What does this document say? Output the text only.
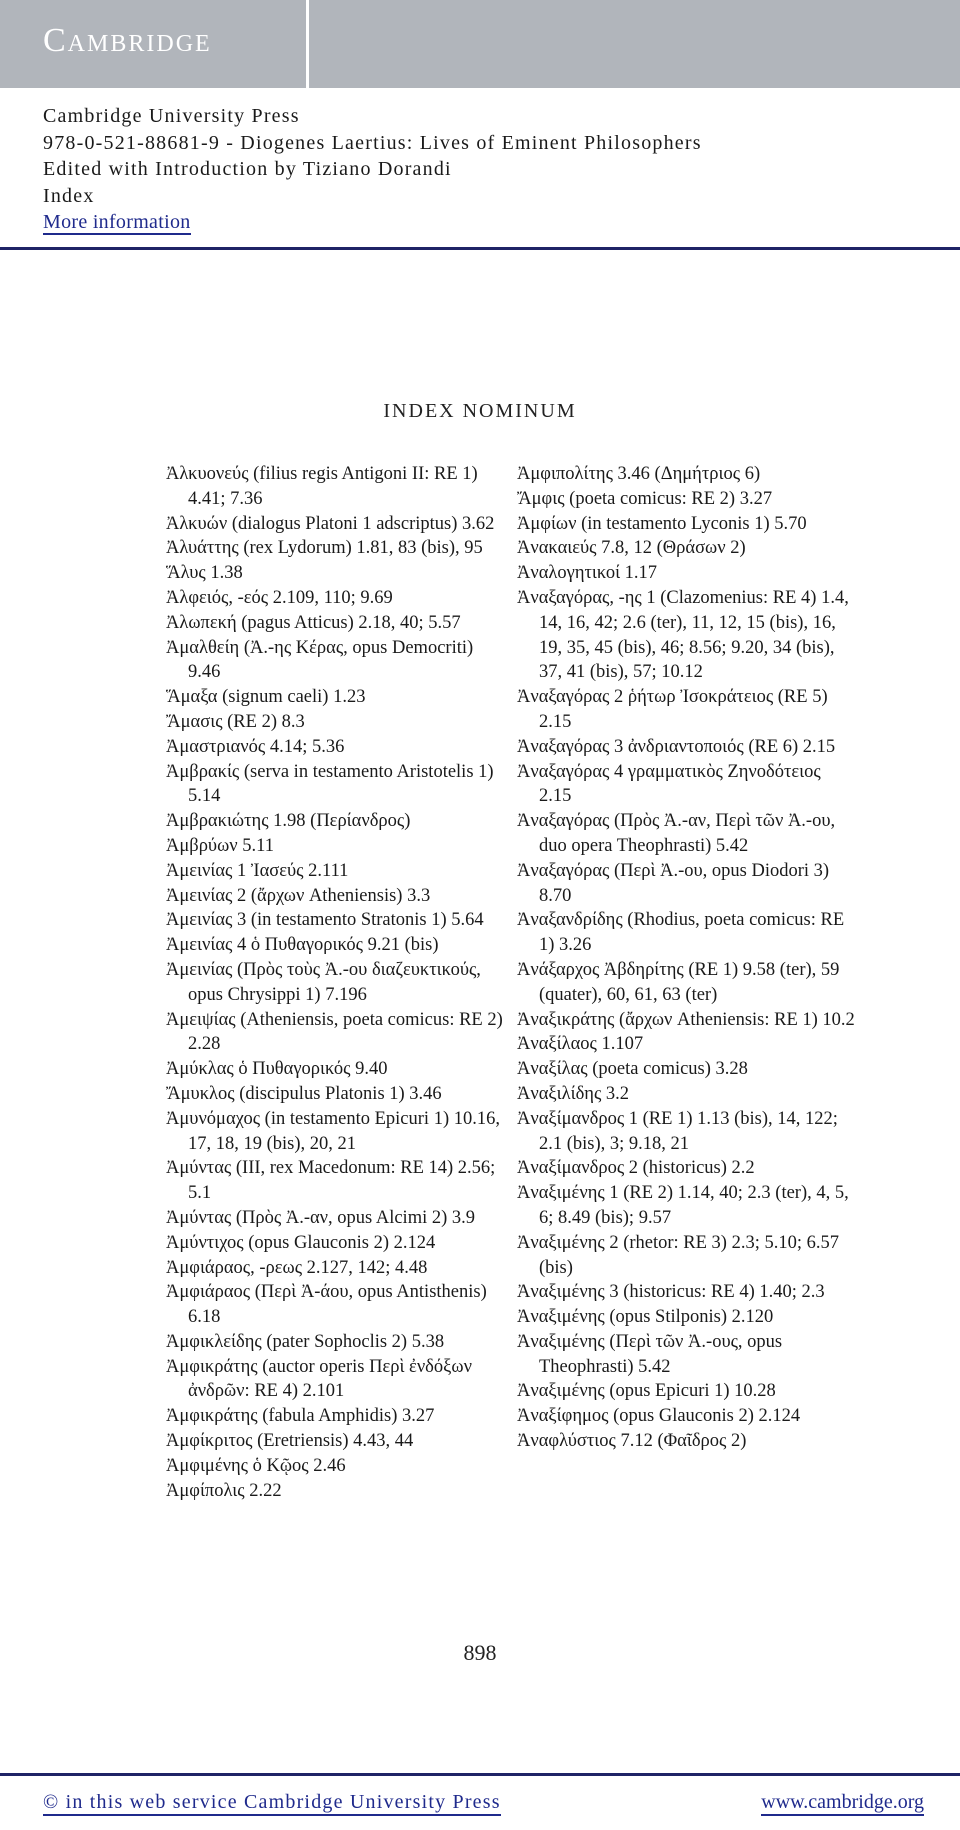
Cambridge
Cambridge University Press
978-0-521-88681-9 - Diogenes Laertius: Lives of Eminent Philosophers
Edited with Introduction by Tiziano Dorandi
Index
More information
INDEX NOMINUM
Ἀλκυονεύς (filius regis Antigoni II: RE 1) 4.41; 7.36
Ἀλκυών (dialogus Platoni 1 adscriptus) 3.62
Ἀλυάττης (rex Lydorum) 1.81, 83 (bis), 95
Ἅλυς 1.38
Ἀλφειός, -εός 2.109, 110; 9.69
Ἀλωπεκή (pagus Atticus) 2.18, 40; 5.57
Ἀμαλθείη (Ἀ.-ης Κέρας, opus Democriti) 9.46
Ἅμαξα (signum caeli) 1.23
Ἄμασις (RE 2) 8.3
Ἀμαστριανός 4.14; 5.36
Ἀμβρακίς (serva in testamento Aristotelis 1) 5.14
Ἀμβρακιώτης 1.98 (Περίανδρος)
Ἀμβρύων 5.11
Ἀμεινίας 1 Ἰασεύς 2.111
Ἀμεινίας 2 (ἄρχων Atheniensis) 3.3
Ἀμεινίας 3 (in testamento Stratonis 1) 5.64
Ἀμεινίας 4 ὁ Πυθαγορικός 9.21 (bis)
Ἀμεινίας (Πρὸς τοὺς Ἀ.-ου διαζευκτικούς, opus Chrysippi 1) 7.196
Ἀμειψίας (Atheniensis, poeta comicus: RE 2) 2.28
Ἀμύκλας ὁ Πυθαγορικός 9.40
Ἄμυκλος (discipulus Platonis 1) 3.46
Ἀμυνόμαχος (in testamento Epicuri 1) 10.16, 17, 18, 19 (bis), 20, 21
Ἀμύντας (III, rex Macedonum: RE 14) 2.56; 5.1
Ἀμύντας (Πρὸς Ἀ.-αν, opus Alcimi 2) 3.9
Ἀμύντιχος (opus Glauconis 2) 2.124
Ἀμφιάραος, -ρεως 2.127, 142; 4.48
Ἀμφιάραος (Περὶ Ἀ-άου, opus Antisthenis) 6.18
Ἀμφικλείδης (pater Sophoclis 2) 5.38
Ἀμφικράτης (auctor operis Περὶ ἐνδόξων ἀνδρῶν: RE 4) 2.101
Ἀμφικράτης (fabula Amphidis) 3.27
Ἀμφίκριτος (Eretriensis) 4.43, 44
Ἀμφιμένης ὁ Κῷος 2.46
Ἀμφίπολις 2.22
Ἀμφιπολίτης 3.46 (Δημήτριος 6)
Ἄμφις (poeta comicus: RE 2) 3.27
Ἀμφίων (in testamento Lyconis 1) 5.70
Ἀνακαιεύς 7.8, 12 (Θράσων 2)
Ἀναλογητικοί 1.17
Ἀναξαγόρας, -ης 1 (Clazomenius: RE 4) 1.4, 14, 16, 42; 2.6 (ter), 11, 12, 15 (bis), 16, 19, 35, 45 (bis), 46; 8.56; 9.20, 34 (bis), 37, 41 (bis), 57; 10.12
Ἀναξαγόρας 2 ῥήτωρ Ἰσοκράτειος (RE 5) 2.15
Ἀναξαγόρας 3 ἀνδριαντοποιός (RE 6) 2.15
Ἀναξαγόρας 4 γραμματικὸς Ζηνοδότειος 2.15
Ἀναξαγόρας (Πρὸς Ἀ.-αν, Περὶ τῶν Ἀ.-ου, duo opera Theophrasti) 5.42
Ἀναξαγόρας (Περὶ Ἀ.-ου, opus Diodori 3) 8.70
Ἀναξανδρίδης (Rhodius, poeta comicus: RE 1) 3.26
Ἀνάξαρχος Ἀβδηρίτης (RE 1) 9.58 (ter), 59 (quater), 60, 61, 63 (ter)
Ἀναξικράτης (ἄρχων Atheniensis: RE 1) 10.2
Ἀναξίλαος 1.107
Ἀναξίλας (poeta comicus) 3.28
Ἀναξιλίδης 3.2
Ἀναξίμανδρος 1 (RE 1) 1.13 (bis), 14, 122; 2.1 (bis), 3; 9.18, 21
Ἀναξίμανδρος 2 (historicus) 2.2
Ἀναξιμένης 1 (RE 2) 1.14, 40; 2.3 (ter), 4, 5, 6; 8.49 (bis); 9.57
Ἀναξιμένης 2 (rhetor: RE 3) 2.3; 5.10; 6.57 (bis)
Ἀναξιμένης 3 (historicus: RE 4) 1.40; 2.3
Ἀναξιμένης (opus Stilponis) 2.120
Ἀναξιμένης (Περὶ τῶν Ἀ.-ους, opus Theophrasti) 5.42
Ἀναξιμένης (opus Epicuri 1) 10.28
Ἀναξίφημος (opus Glauconis 2) 2.124
Ἀναφλύστιος 7.12 (Φαῖδρος 2)
898
© in this web service Cambridge University Press	www.cambridge.org
